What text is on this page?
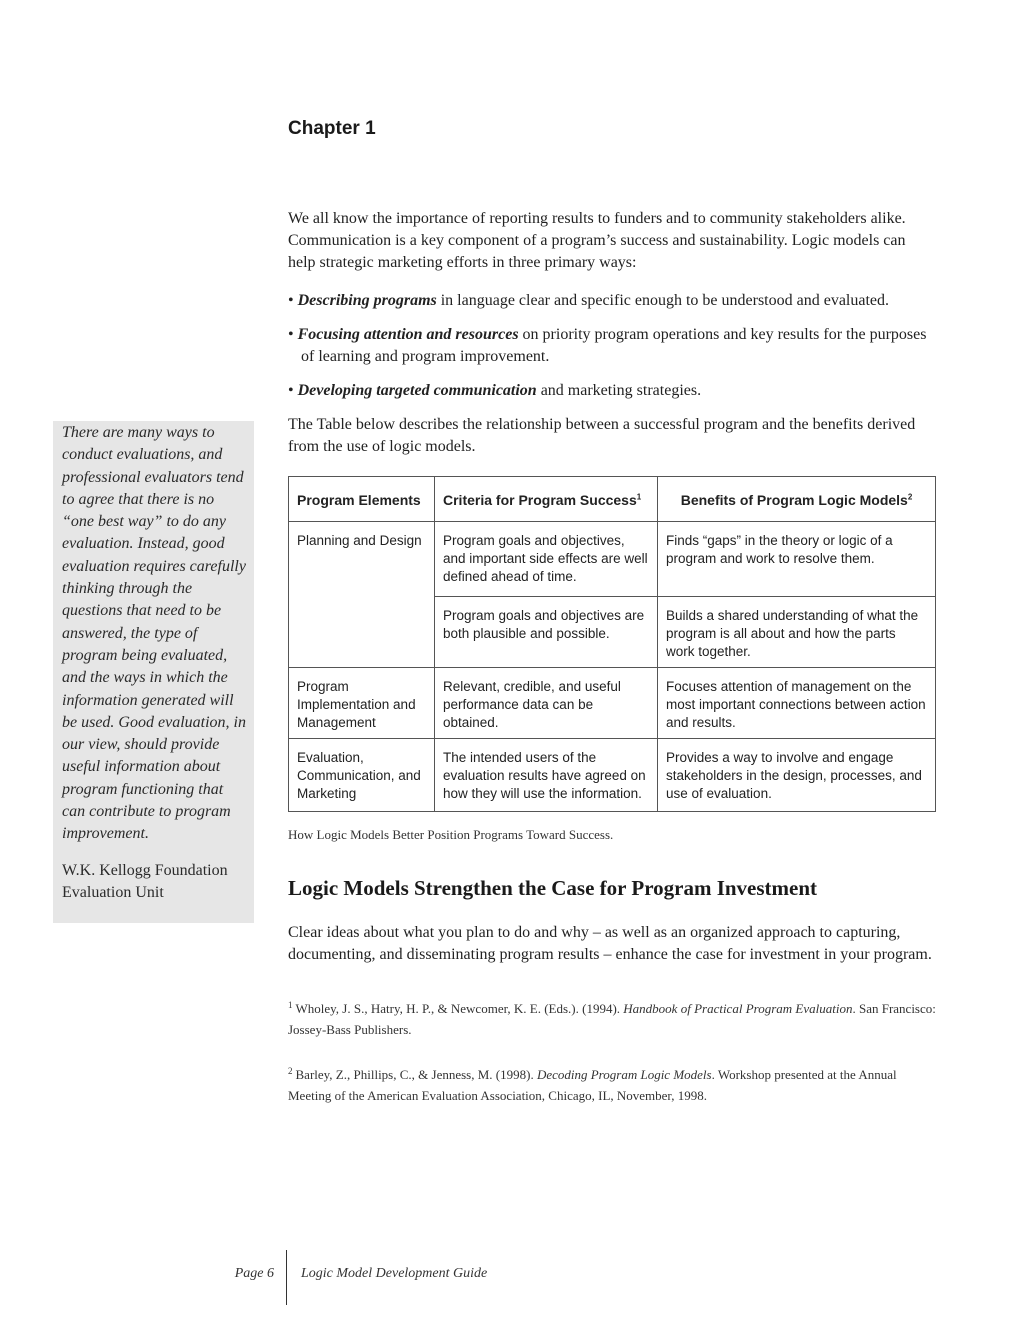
Chapter 1

We all know the importance of reporting results to funders and to community stakeholders alike. Communication is a key component of a program’s success and sustainability. Logic models can help strategic marketing efforts in three primary ways:

• Describing programs in language clear and specific enough to be understood and evaluated.
• Focusing attention and resources on priority program operations and key results for the purposes of learning and program improvement.
• Developing targeted communication and marketing strategies.

The Table below describes the relationship between a successful program and the benefits derived from the use of logic models.

Program Elements	Criteria for Program Success$^1$	Benefits of Program Logic Models$^2$
Planning and Design	Program goals and objectives, and important side effects are well defined ahead of time.	Finds “gaps” in the theory or logic of a program and work to resolve them.
	Program goals and objectives are both plausible and possible.	Builds a shared understanding of what the program is all about and how the parts work together.
Program Implementation and Management	Relevant, credible, and useful performance data can be obtained.	Focuses attention of management on the most important connections between action and results.
Evaluation, Communication, and Marketing	The intended users of the evaluation results have agreed on how they will use the information.	Provides a way to involve and engage stakeholders in the design, processes, and use of evaluation.

How Logic Models Better Position Programs Toward Success.

Logic Models Strengthen the Case for Program Investment

Clear ideas about what you plan to do and why – as well as an organized approach to capturing, documenting, and disseminating program results – enhance the case for investment in your program.

$^1$ Wholey, J. S., Hatry, H. P., & Newcomer, K. E. (Eds.). (1994). Handbook of Practical Program Evaluation. San Francisco: Jossey-Bass Publishers.

$^2$ Barley, Z., Phillips, C., & Jenness, M. (1998). Decoding Program Logic Models. Workshop presented at the Annual Meeting of the American Evaluation Association, Chicago, IL, November, 1998.

There are many ways to conduct evaluations, and professional evaluators tend to agree that there is no “one best way” to do any evaluation. Instead, good evaluation requires carefully thinking through the questions that need to be answered, the type of program being evaluated, and the ways in which the information generated will be used. Good evaluation, in our view, should provide useful information about program functioning that can contribute to program improvement.

W.K. Kellogg Foundation
Evaluation Unit

Page 6 Logic Model Development Guide
